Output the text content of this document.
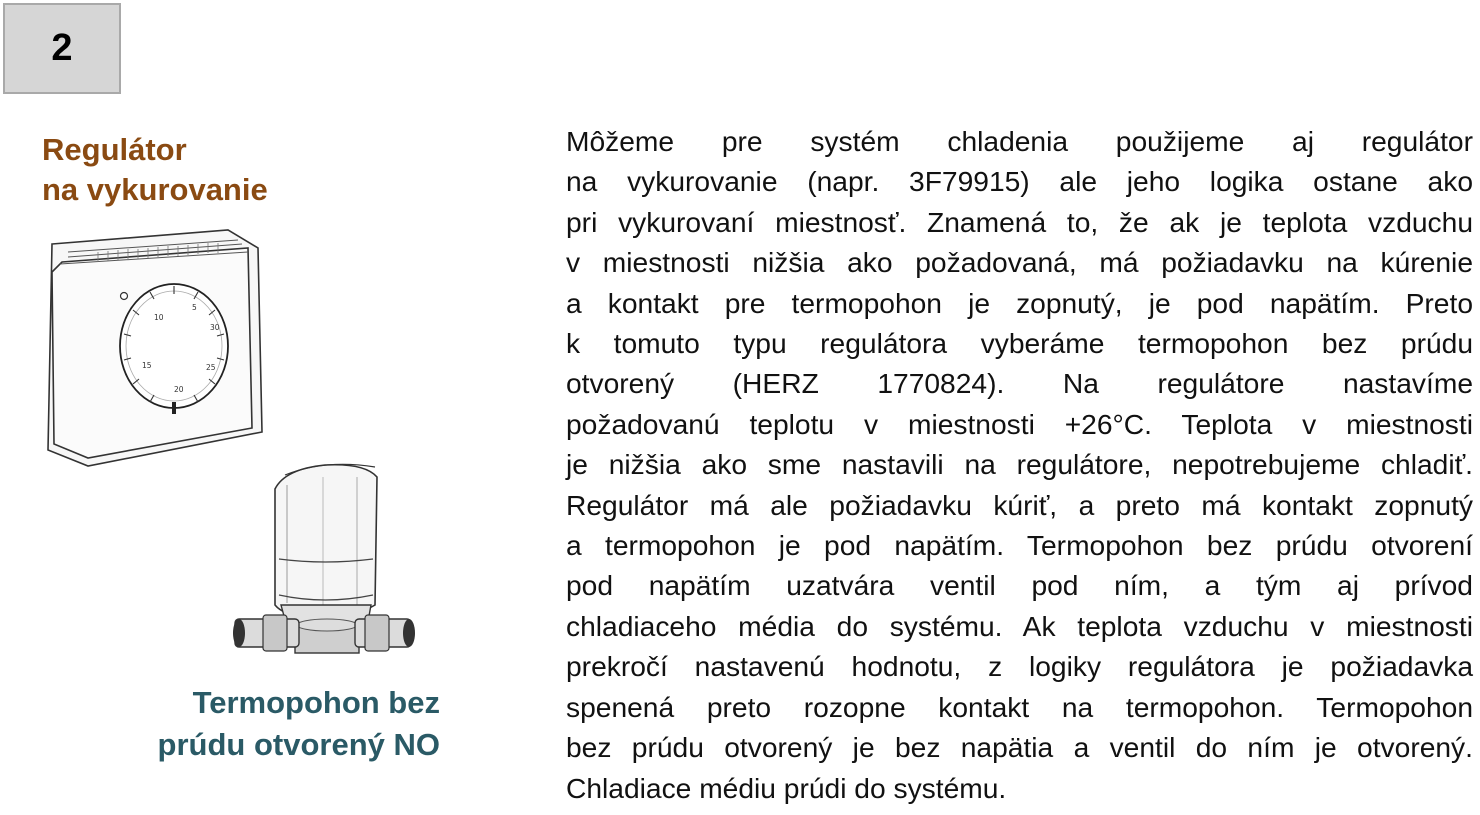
2
Regulátor
na vykurovanie
5
10
15
20
25
30
Termopohon bez
prúdu otvorený NO
Môžeme pre systém chladenia použijeme aj regulátor
na vykurovanie (napr. 3F79915) ale jeho logika ostane ako
pri vykurovaní miestnosť. Znamená to, že ak je teplota vzduchu
v miestnosti nižšia ako požadovaná, má požiadavku na kúrenie
a kontakt pre termopohon je zopnutý, je pod napätím. Preto
k tomuto typu regulátora vyberáme termopohon bez prúdu
otvorený (HERZ 1770824). Na regulátore nastavíme
požadovanú teplotu v miestnosti +26°C. Teplota v miestnosti
je nižšia ako sme nastavili na regulátore, nepotrebujeme chladiť.
Regulátor má ale požiadavku kúriť, a preto má kontakt zopnutý
a termopohon je pod napätím. Termopohon bez prúdu otvorení
pod napätím uzatvára ventil pod ním, a tým aj prívod
chladiaceho média do systému. Ak teplota vzduchu v miestnosti
prekročí nastavenú hodnotu, z logiky regulátora je požiadavka
spenená preto rozopne kontakt na termopohon. Termopohon
bez prúdu otvorený je bez napätia a ventil do ním je otvorený.
Chladiace médiu prúdi do systému.
